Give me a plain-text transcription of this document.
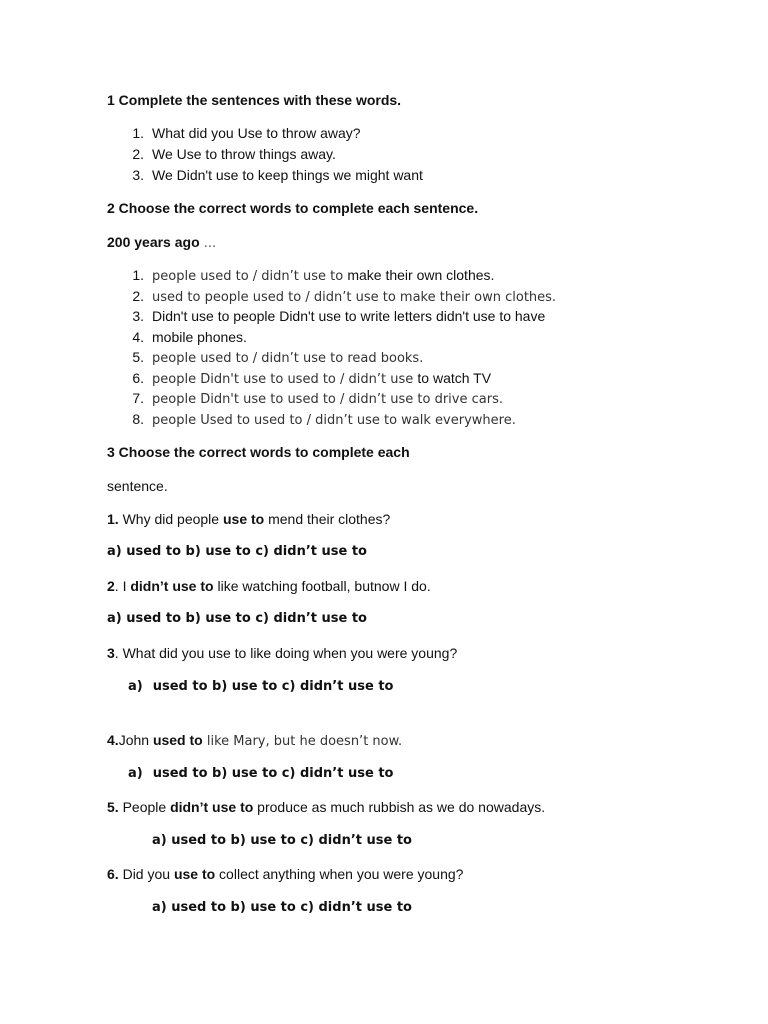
1 Complete the sentences with these words.
1. What did you Use to throw away?
2. We Use to throw things away.
3. We Didn't use to keep things we might want
2 Choose the correct words to complete each sentence.
200 years ago ...
1. people used to / didn’t use to make their own clothes.
2. used to people used to / didn’t use to make their own clothes.
3. Didn't use to people Didn't use to write letters didn't use to have
4. mobile phones.
5. people used to / didn’t use to read books.
6. people Didn't use to used to / didn’t use to watch TV
7. people Didn't use to used to / didn’t use to drive cars.
8. people Used to used to / didn’t use to walk everywhere.
3 Choose the correct words to complete each
sentence.
1. Why did people use to mend their clothes?
a) used to b) use to c) didn’t use to
2. I didn’t use to like watching football, butnow I do.
a) used to b) use to c) didn’t use to
3. What did you use to like doing when you were young?
a) used to b) use to c) didn’t use to
4.John used to like Mary, but he doesn’t now.
a) used to b) use to c) didn’t use to
5. People didn’t use to produce as much rubbish as we do nowadays.
a) used to b) use to c) didn’t use to
6. Did you use to collect anything when you were young?
a) used to b) use to c) didn’t use to
